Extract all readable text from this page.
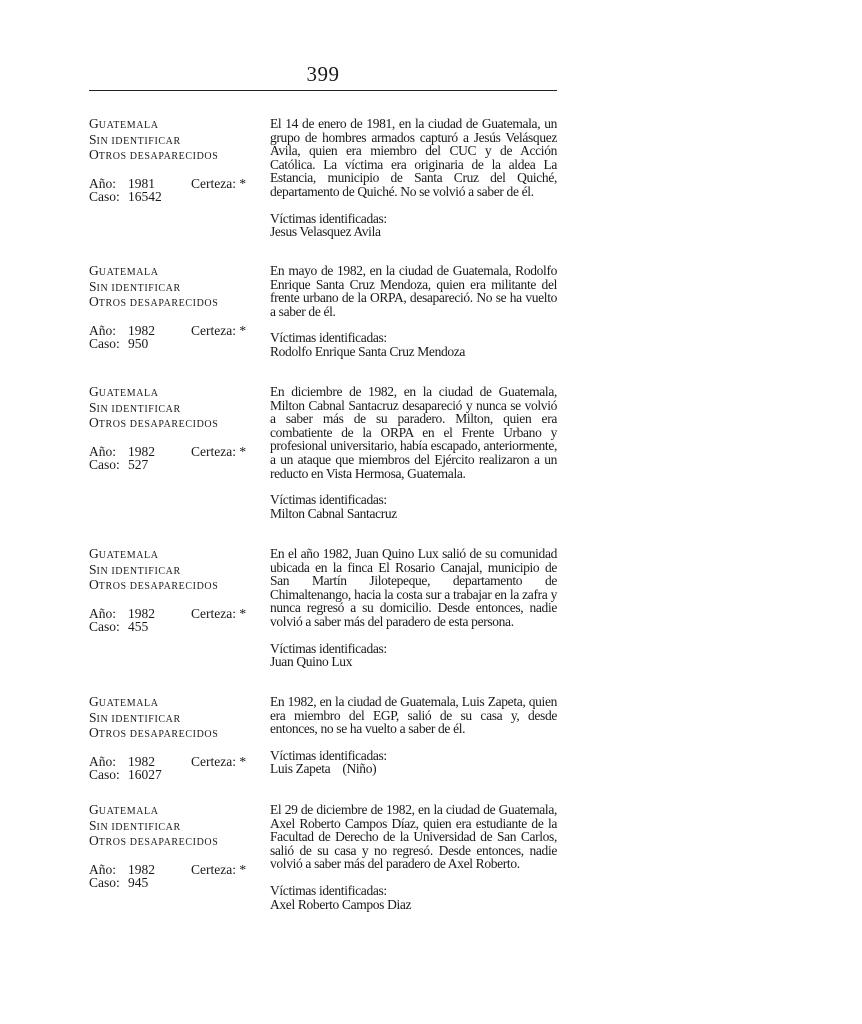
399
GUATEMALA
SIN IDENTIFICAR
OTROS DESAPARECIDOS
Año: 1981	Certeza: *
Caso: 16542

El 14 de enero de 1981, en la ciudad de Guatemala, un grupo de hombres armados capturó a Jesús Velásquez Avila, quien era miembro del CUC y de Acción Católica. La víctima era originaria de la aldea La Estancia, municipio de Santa Cruz del Quiché, departamento de Quiché. No se volvió a saber de él.

Víctimas identificadas:

Jesus Velasquez Avila

GUATEMALA
SIN IDENTIFICAR
OTROS DESAPARECIDOS
Año: 1982	Certeza: *
Caso: 950

En mayo de 1982, en la ciudad de Guatemala, Rodolfo Enrique Santa Cruz Mendoza, quien era militante del frente urbano de la ORPA, desapareció. No se ha vuelto a saber de él.

Víctimas identificadas:

Rodolfo Enrique Santa Cruz Mendoza

GUATEMALA
SIN IDENTIFICAR
OTROS DESAPARECIDOS
Año: 1982	Certeza: *
Caso: 527

En diciembre de 1982, en la ciudad de Guatemala, Milton Cabnal Santacruz desapareció y nunca se volvió a saber más de su paradero. Milton, quien era combatiente de la ORPA en el Frente Urbano y profesional universitario, había escapado, anteriormente, a un ataque que miembros del Ejército realizaron a un reducto en Vista Hermosa, Guatemala.

Víctimas identificadas:

Milton Cabnal Santacruz

GUATEMALA
SIN IDENTIFICAR
OTROS DESAPARECIDOS
Año: 1982	Certeza: *
Caso: 455

En el año 1982, Juan Quino Lux salió de su comunidad ubicada en la finca El Rosario Canajal, municipio de San Martín Jilotepeque, departamento de Chimaltenango, hacia la costa sur a trabajar en la zafra y nunca regresó a su domicilio. Desde entonces, nadie volvió a saber más del paradero de esta persona.

Víctimas identificadas:

Juan Quino Lux

GUATEMALA
SIN IDENTIFICAR
OTROS DESAPARECIDOS
Año: 1982	Certeza: *
Caso: 16027

En 1982, en la ciudad de Guatemala, Luis Zapeta, quien era miembro del EGP, salió de su casa y, desde entonces, no se ha vuelto a saber de él.

Víctimas identificadas:

Luis Zapeta    (Niño)

GUATEMALA
SIN IDENTIFICAR
OTROS DESAPARECIDOS
Año: 1982	Certeza: *
Caso: 945

El 29 de diciembre de 1982, en la ciudad de Guatemala, Axel Roberto Campos Díaz, quien era estudiante de la Facultad de Derecho de la Universidad de San Carlos, salió de su casa y no regresó. Desde entonces, nadie volvió a saber más del paradero de Axel Roberto.

Víctimas identificadas:

Axel Roberto Campos Diaz
